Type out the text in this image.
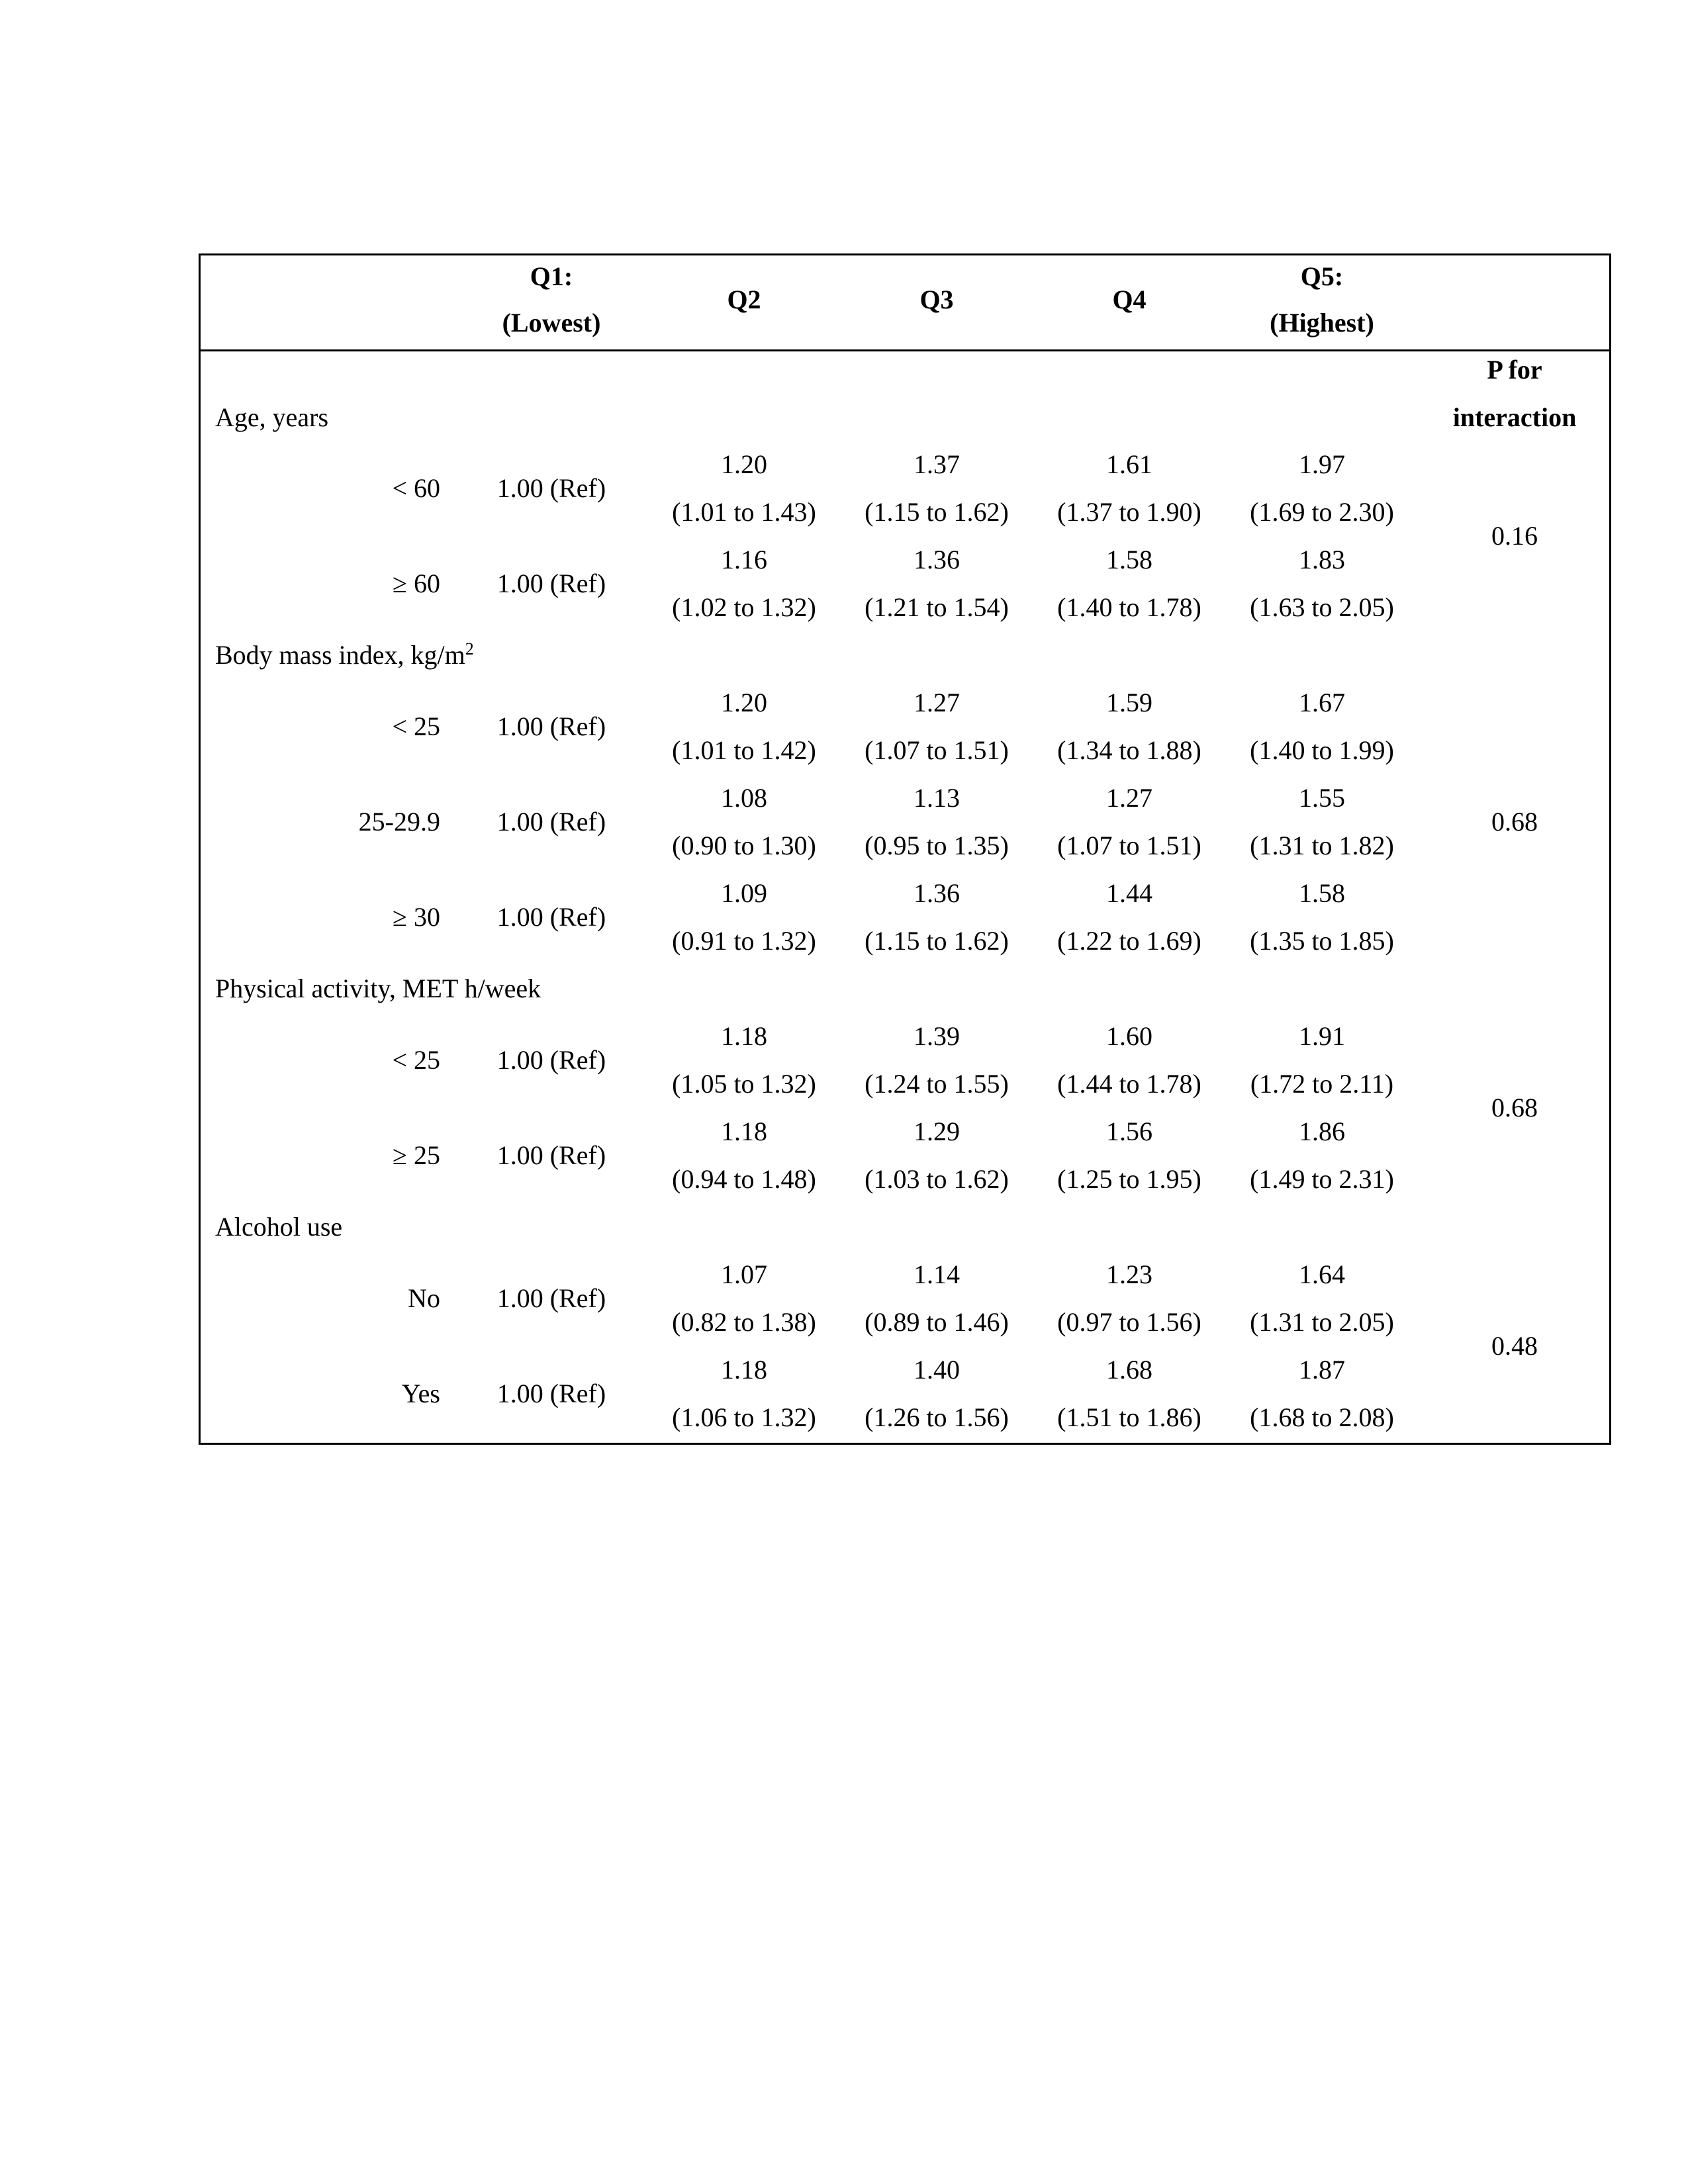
Q1:
(Lowest)
Q2	Q3	Q4
Q5:
(Highest)
P for
interaction
Age, years
< 60 1.00 (Ref)
1.20
(1.01 to 1.43)
1.37
(1.15 to 1.62)
1.61
(1.37 to 1.90)
1.97
(1.69 to 2.30)
0.16
≥ 60 1.00 (Ref)
1.16
(1.02 to 1.32)
1.36
(1.21 to 1.54)
1.58
(1.40 to 1.78)
1.83
(1.63 to 2.05)
Body mass index, $kg/m^2$
< 25 1.00 (Ref)
1.20
(1.01 to 1.42)
1.27
(1.07 to 1.51)
1.59
(1.34 to 1.88)
1.67
(1.40 to 1.99)
25-29.9 1.00 (Ref)
1.08
(0.90 to 1.30)
1.13
(0.95 to 1.35)
1.27
(1.07 to 1.51)
1.55
(1.31 to 1.82)
0.68
≥ 30 1.00 (Ref)
1.09
(0.91 to 1.32)
1.36
(1.15 to 1.62)
1.44
(1.22 to 1.69)
1.58
(1.35 to 1.85)
Physical activity, MET h/week
< 25 1.00 (Ref)
1.18
(1.05 to 1.32)
1.39
(1.24 to 1.55)
1.60
(1.44 to 1.78)
1.91
(1.72 to 2.11)
0.68
≥ 25 1.00 (Ref)
1.18
(0.94 to 1.48)
1.29
(1.03 to 1.62)
1.56
(1.25 to 1.95)
1.86
(1.49 to 2.31)
Alcohol use
No 1.00 (Ref)
1.07
(0.82 to 1.38)
1.14
(0.89 to 1.46)
1.23
(0.97 to 1.56)
1.64
(1.31 to 2.05)
0.48
Yes 1.00 (Ref)
1.18
(1.06 to 1.32)
1.40
(1.26 to 1.56)
1.68
(1.51 to 1.86)
1.87
(1.68 to 2.08)
